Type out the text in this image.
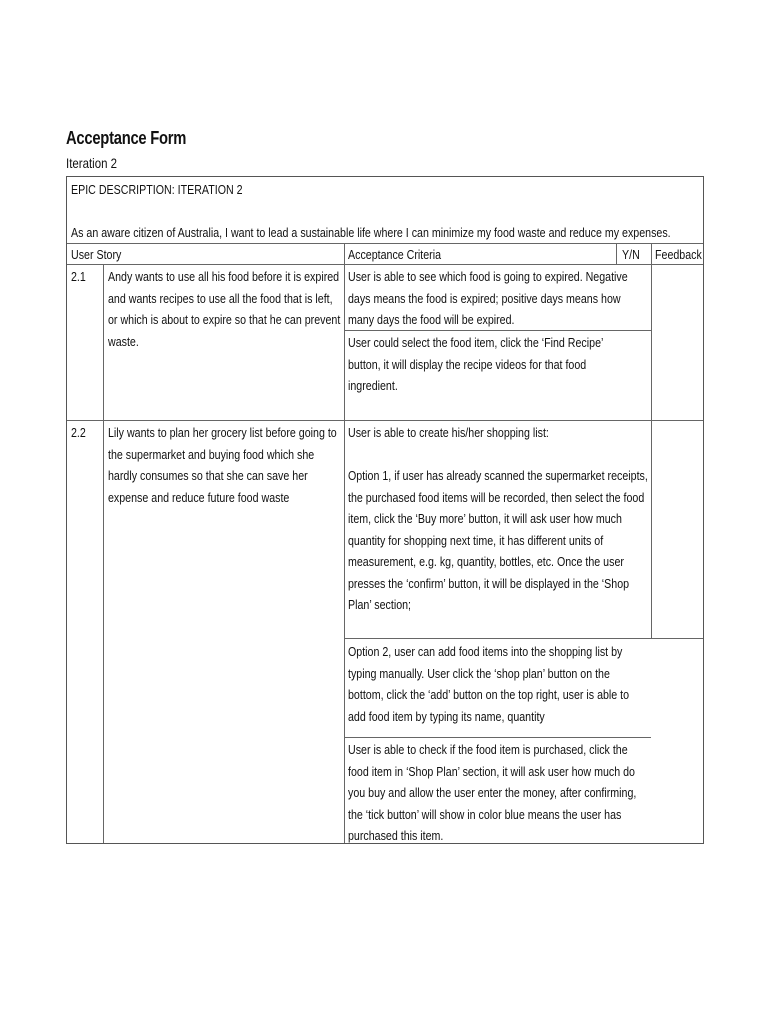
Acceptance Form
Iteration 2
EPIC DESCRIPTION: ITERATION 2
As an aware citizen of Australia, I want to lead a sustainable life where I can minimize my food waste and reduce my expenses.
User Story	Acceptance Criteria	Y/N Feedback
2.1 Andy wants to use all his food before it is expired and wants recipes to use all the food that is left, or which is about to expire so that he can prevent waste.
User is able to see which food is going to expired. Negative days means the food is expired; positive days means how many days the food will be expired.
User could select the food item, click the ‘Find Recipe’ button, it will display the recipe videos for that food ingredient.
2.2 Lily wants to plan her grocery list before going to the supermarket and buying food which she hardly consumes so that she can save her expense and reduce future food waste
User is able to create his/her shopping list:
Option 1, if user has already scanned the supermarket receipts, the purchased food items will be recorded, then select the food item, click the ‘Buy more’ button, it will ask user how much quantity for shopping next time, it has different units of measurement, e.g. kg, quantity, bottles, etc. Once the user presses the ‘confirm’ button, it will be displayed in the ‘Shop Plan’ section;
Option 2, user can add food items into the shopping list by typing manually. User click the ‘shop plan’ button on the bottom, click the ‘add’ button on the top right, user is able to add food item by typing its name, quantity
User is able to check if the food item is purchased, click the food item in ‘Shop Plan’ section, it will ask user how much do you buy and allow the user enter the money, after confirming, the ‘tick button’ will show in color blue means the user has purchased this item.
